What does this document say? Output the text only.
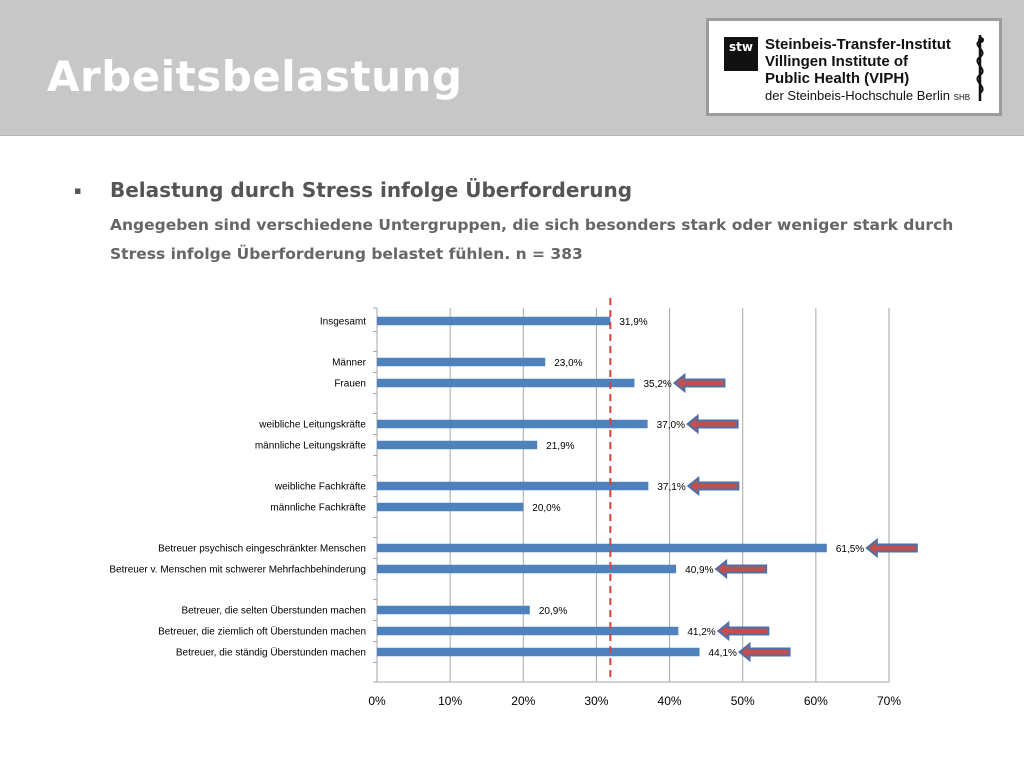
Arbeitsbelastung
stw Steinbeis-Transfer-Institut
Villingen Institute of
Public Health (VIPH)
der Steinbeis-Hochschule Berlin SHB
▪ Belastung durch Stress infolge Überforderung
Angegeben sind verschiedene Untergruppen, die sich besonders stark oder weniger stark durch Stress infolge Überforderung belastet fühlen. n = 383
0%	10%	20%	30%	40%	50%	60%	70%
Insgesamt	31,9%
Männer	23,0%
Frauen	35,2%
weibliche Leitungskräfte	37,0%
männliche Leitungskräfte	21,9%
weibliche Fachkräfte	37,1%
männliche Fachkräfte	20,0%
Betreuer psychisch eingeschränkter Menschen	61,5%
Betreuer v. Menschen mit schwerer Mehrfachbehinderung	40,9%
Betreuer, die selten Überstunden machen	20,9%
Betreuer, die ziemlich oft Überstunden machen	41,2%
Betreuer, die ständig Überstunden machen	44,1%
